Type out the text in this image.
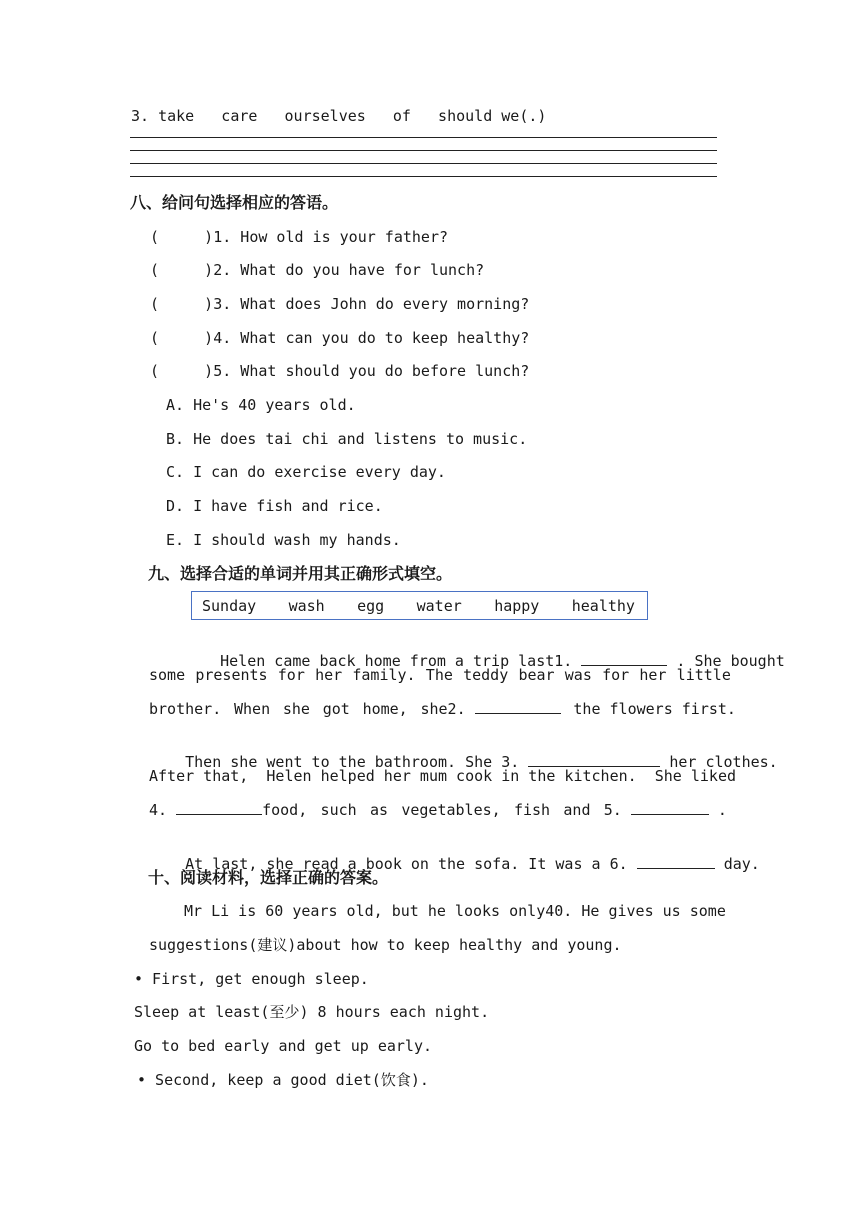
3. take   care   ourselves   of   should we(.)
八、给问句选择相应的答语。
(     )1. How old is your father?
(     )2. What do you have for lunch?
(     )3. What does John do every morning?
(     )4. What can you do to keep healthy?
(     )5. What should you do before lunch?
A. He's 40 years old.
B. He does tai chi and listens to music.
C. I can do exercise every day.
D. I have fish and rice.
E. I should wash my hands.
九、选择合适的单词并用其正确形式填空。
Sunday wash egg water happy healthy

Helen came back home from a trip last1.	. She bought

some presents for her family. The teddy bear was for her little
brother. When she got home, she2.	the flowers first.

Then she went to the bathroom. She 3.	her clothes.

After that,  Helen helped her mum cook in the kitchen.  She liked
4.	food, such as vegetables, fish and 5.	.

At last, she read a book on the sofa. It was a 6.	day.

十、阅读材料，选择正确的答案。
Mr Li is 60 years old, but he looks only40. He gives us some
suggestions(建议)about how to keep healthy and young.
• First, get enough sleep.
Sleep at least(至少) 8 hours each night.
Go to bed early and get up early.
• Second, keep a good diet(饮食).
